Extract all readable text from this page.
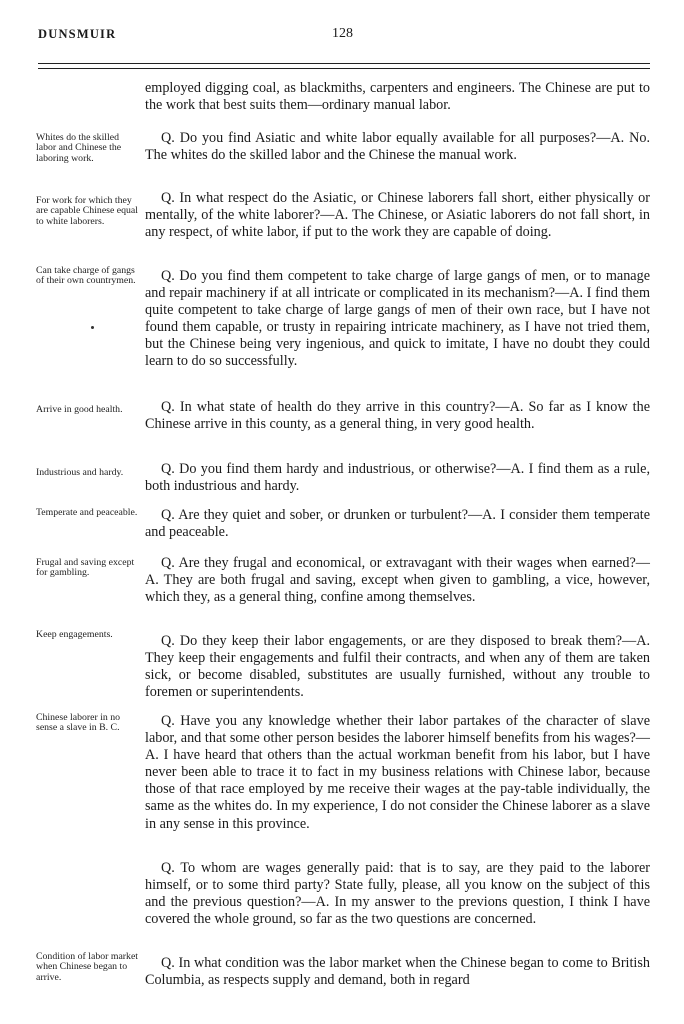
DUNSMUIR	128

employed digging coal, as blackmiths, carpenters and engineers. The Chinese are put to the work that best suits them—ordinary manual labor.

Q. Do you find Asiatic and white labor equally available for all purposes?—A. No. The whites do the skilled labor and the Chinese the manual work.

Q. In what respect do the Asiatic, or Chinese laborers fall short, either physically or mentally, of the white laborer?—A. The Chinese, or Asiatic laborers do not fall short, in any respect, of white labor, if put to the work they are capable of doing.

Q. Do you find them competent to take charge of large gangs of men, or to manage and repair machinery if at all intricate or complicated in its mechanism?—A. I find them quite competent to take charge of large gangs of men of their own race, but I have not found them capable, or trusty in repairing intricate machinery, as I have not tried them, but the Chinese being very ingenious, and quick to imitate, I have no doubt they could learn to do so successfully.

Q. In what state of health do they arrive in this country?—A. So far as I know the Chinese arrive in this county, as a general thing, in very good health.

Q. Do you find them hardy and industrious, or otherwise?—A. I find them as a rule, both industrious and hardy.

Q. Are they quiet and sober, or drunken or turbulent?—A. I consider them temperate and peaceable.

Q. Are they frugal and economical, or extravagant with their wages when earned?—A. They are both frugal and saving, except when given to gambling, a vice, however, which they, as a general thing, confine among themselves.

Q. Do they keep their labor engagements, or are they disposed to break them?—A. They keep their engagements and fulfil their contracts, and when any of them are taken sick, or become disabled, substitutes are usually furnished, without any trouble to foremen or superintendents.

Q. Have you any knowledge whether their labor partakes of the character of slave labor, and that some other person besides the laborer himself benefits from his wages?—A. I have heard that others than the actual workman benefit from his labor, but I have never been able to trace it to fact in my business relations with Chinese labor, because those of that race employed by me receive their wages at the pay-table individually, the same as the whites do. In my experience, I do not consider the Chinese laborer as a slave in any sense in this province.

Q. To whom are wages generally paid: that is to say, are they paid to the laborer himself, or to some third party? State fully, please, all you know on the subject of this and the previous question?—A. In my answer to the previons question, I think I have covered the whole ground, so far as the two questions are concerned.

Q. In what condition was the labor market when the Chinese began to come to British Columbia, as respects supply and demand, both in regard

Whites do the skilled labor and Chinese the laboring work.

For work for which they are capable Chinese equal to white laborers.

Can take charge of gangs of their own countrymen.

Arrive in good health.

Industrious and hardy.

Temperate and peaceable.

Frugal and saving except for gambling.

Keep engagements.

Chinese laborer in no sense a slave in B. C.

Condition of labor market when Chinese began to arrive.
